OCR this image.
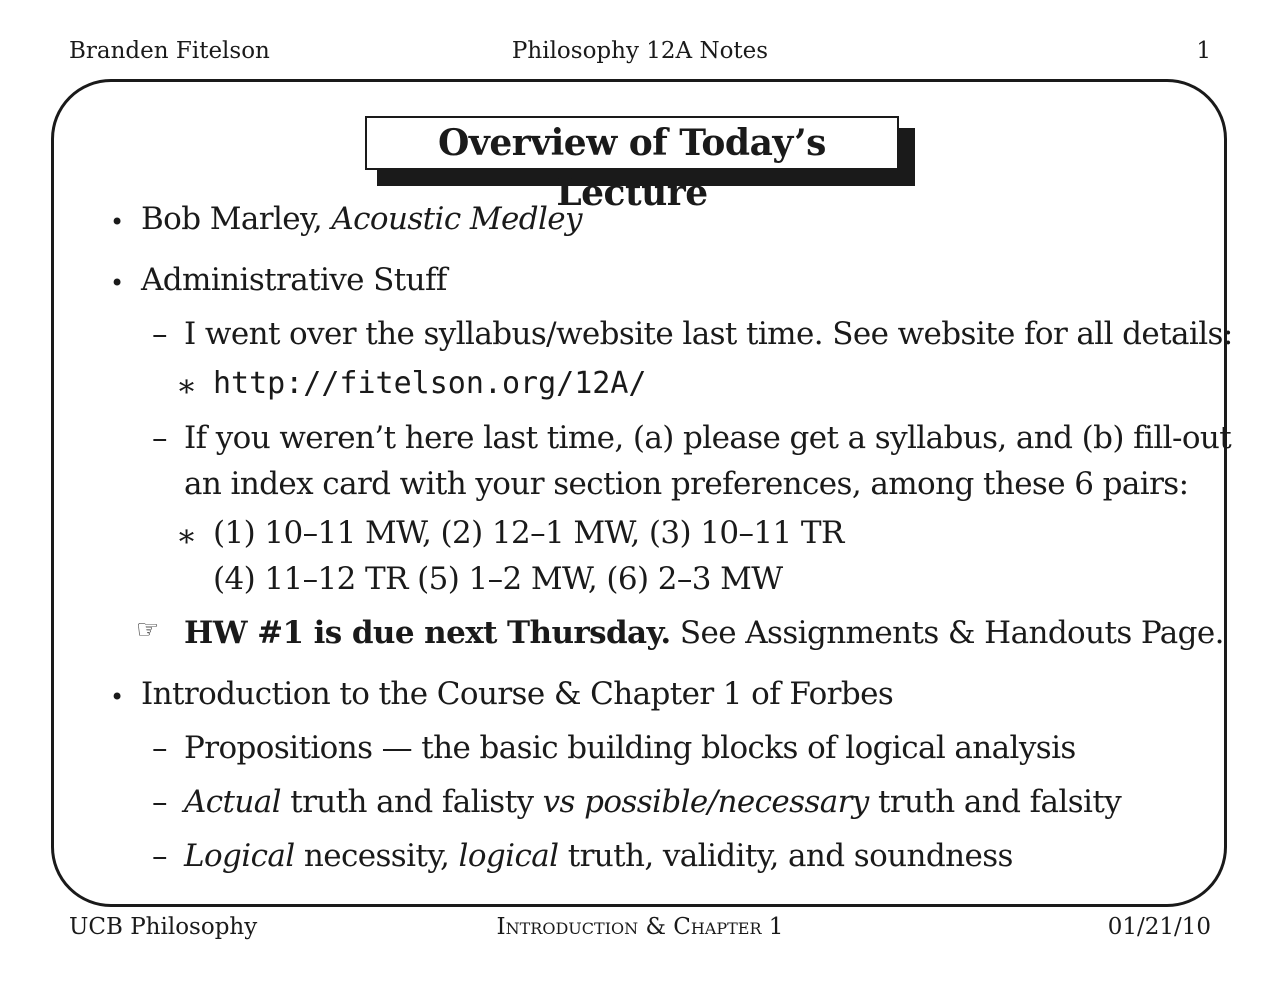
Branden Fitelson	Philosophy 12A Notes	1
Overview of Today’s Lecture
• Bob Marley, Acoustic Medley
• Administrative Stuff
– I went over the syllabus/website last time. See website for all details:
∗ http://fitelson.org/12A/
– If you weren’t here last time, (a) please get a syllabus, and (b) fill-out
an index card with your section preferences, among these 6 pairs:
∗ (1) 10–11 MW, (2) 12–1 MW, (3) 10–11 TR
(4) 11–12 TR (5) 1–2 MW, (6) 2–3 MW
☞ HW #1 is due next Thursday. See Assignments & Handouts Page.
• Introduction to the Course & Chapter 1 of Forbes
– Propositions — the basic building blocks of logical analysis
– Actual truth and falisty vs possible/necessary truth and falsity
– Logical necessity, logical truth, validity, and soundness
UCB Philosophy	Introduction & Chapter 1	01/21/10
